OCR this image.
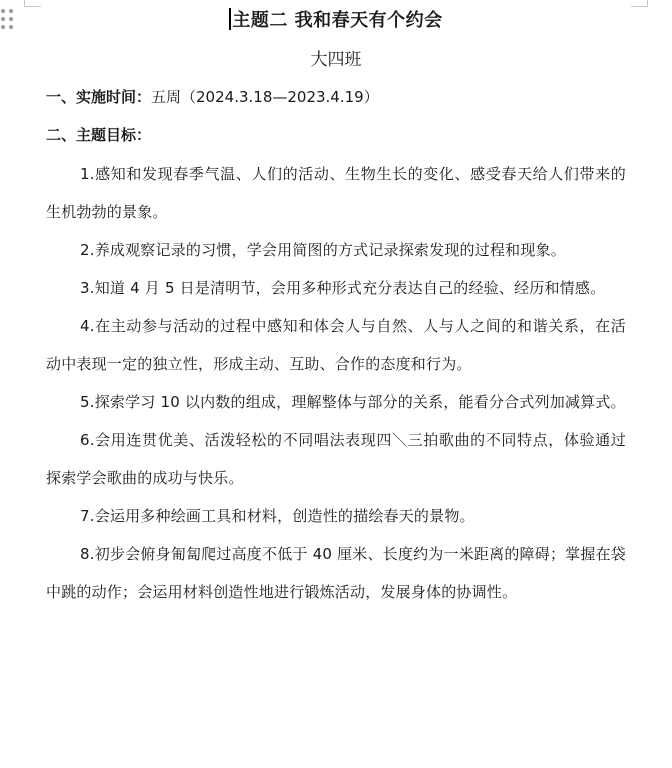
主题二 我和春天有个约会
大四班
一、实施时间：五周（2024.3.18—2023.4.19）
二、主题目标：
1.感知和发现春季气温、人们的活动、生物生长的变化、感受春天给人们带来的生机勃勃的景象。
2.养成观察记录的习惯，学会用简图的方式记录探索发现的过程和现象。
3.知道 4 月 5 日是清明节，会用多种形式充分表达自己的经验、经历和情感。
4.在主动参与活动的过程中感知和体会人与自然、人与人之间的和谐关系，在活动中表现一定的独立性，形成主动、互助、合作的态度和行为。
5.探索学习 10 以内数的组成，理解整体与部分的关系，能看分合式列加减算式。
6.会用连贯优美、活泼轻松的不同唱法表现四＼三拍歌曲的不同特点，体验通过探索学会歌曲的成功与快乐。
7.会运用多种绘画工具和材料，创造性的描绘春天的景物。
8.初步会俯身匍匐爬过高度不低于 40 厘米、长度约为一米距离的障碍；掌握在袋中跳的动作；会运用材料创造性地进行锻炼活动，发展身体的协调性。
